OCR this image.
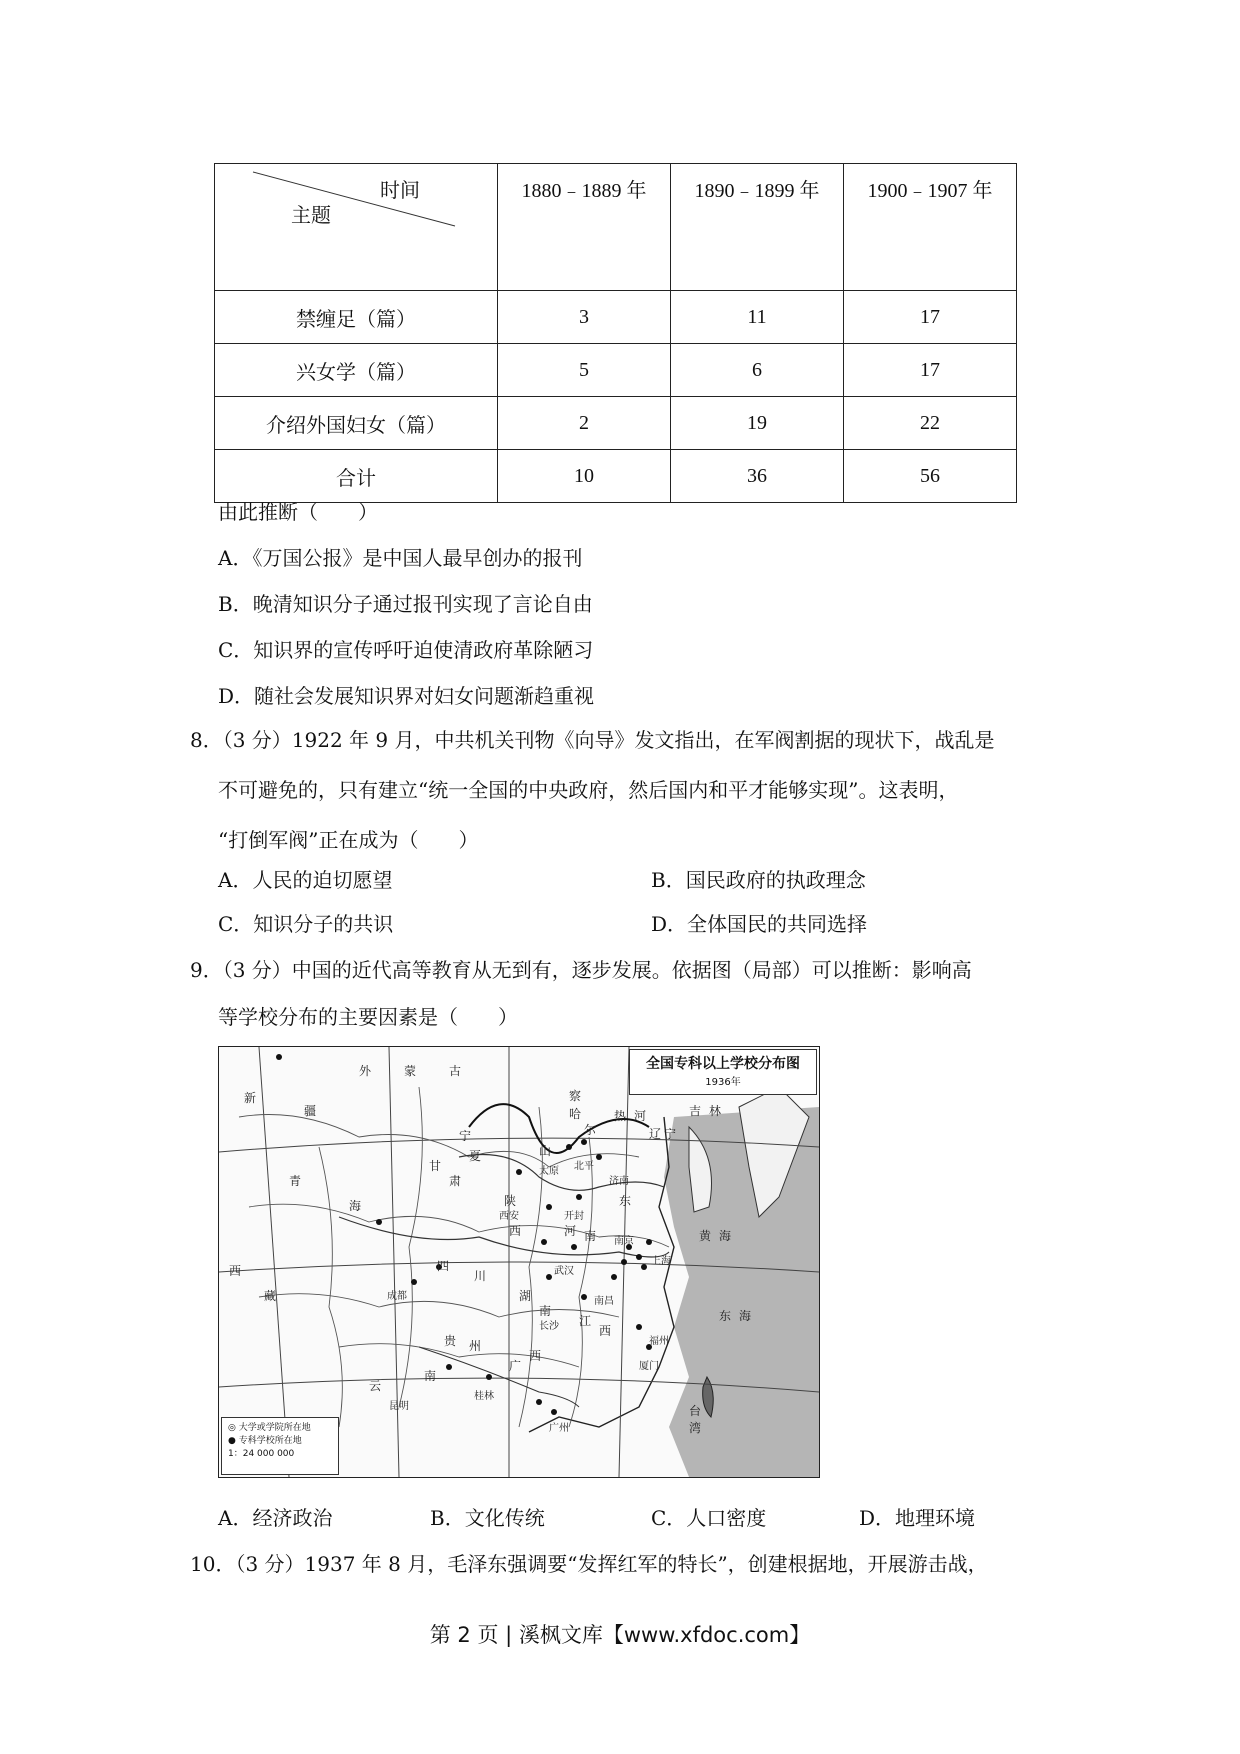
时间
主题	1880﹣1889 年	1890﹣1899 年	1900﹣1907 年
禁缠足（篇）	3	11	17
兴女学（篇）	5	6	17
介绍外国妇女（篇）	2	19	22
合计	10	36	56
由此推断（　　）
A．《万国公报》是中国人最早创办的报刊
B．晚清知识分子通过报刊实现了言论自由
C．知识界的宣传呼吁迫使清政府革除陋习
D．随社会发展知识界对妇女问题渐趋重视
8．（3 分）1922 年 9 月，中共机关刊物《向导》发文指出，在军阀割据的现状下，战乱是
不可避免的，只有建立“统一全国的中央政府，然后国内和平才能够实现”。这表明，
“打倒军阀”正在成为（　　）
A．人民的迫切愿望	B．国民政府的执政理念
C．知识分子的共识	D．全体国民的共同选择
9．（3 分）中国的近代高等教育从无到有，逐步发展。依据图（局部）可以推断：影响高
等学校分布的主要因素是（　　）
外	蒙	古
新
疆
青
海
西
藏
四
川
云
南
贵 州
广
西
湖
南
江
西
山
东
河 南
陕
西
宁
夏
甘
肃
察
哈
尔
热 河
辽 宁
吉 林
黄 海
东 海
台
湾
成都
昆明
桂林
南昌
北平
南京
上海
广州
长沙
福州
厦门
西安	开封
济南
太原
武汉
全国专科以上学校分布图
1936年
◎ 大学或学院所在地
● 专科学校所在地
1：24 000 000
A．经济政治	B．文化传统	C．人口密度	D．地理环境
10．（3 分）1937 年 8 月，毛泽东强调要“发挥红军的特长”，创建根据地，开展游击战，
第 2 页 | 溪枫文库【www.xfdoc.com】
